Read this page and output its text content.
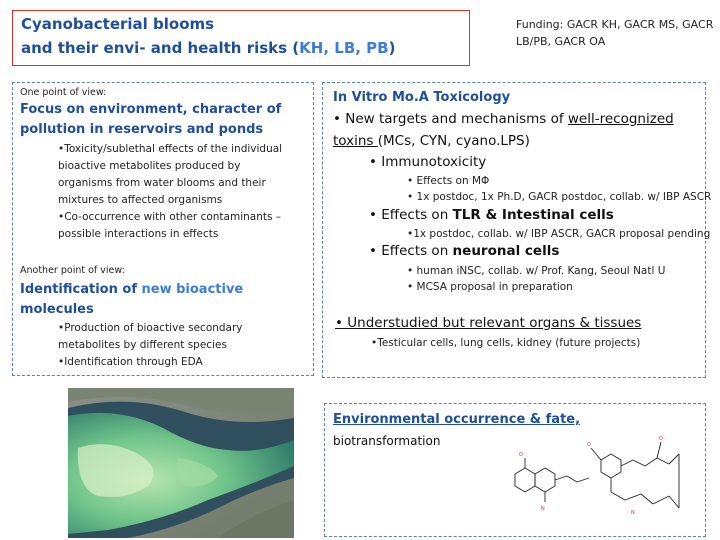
Cyanobacterial blooms
and their envi- and health risks (KH, LB, PB)
Funding: GACR KH, GACR MS, GACR LB/PB, GACR OA
One point of view:
Focus on environment, character of
pollution in reservoirs and ponds
•Toxicity/sublethal effects of the individual
bioactive metabolites produced by
organisms from water blooms and their
mixtures to affected organisms
•Co-occurrence with other contaminants –
possible interactions in effects
Another point of view:
Identification of new bioactive
molecules
•Production of bioactive secondary
metabolites by different species
•Identification through EDA
In Vitro Mo.A Toxicology
• New targets and mechanisms of well-recognized
toxins (MCs, CYN, cyano.LPS)
• Immunotoxicity
• Effects on MΦ
• 1x postdoc, 1x Ph.D, GACR postdoc, collab. w/ IBP ASCR
• Effects on TLR & Intestinal cells
•1x postdoc, collab. w/ IBP ASCR, GACR proposal pending
• Effects on neuronal cells
• human iNSC, collab. w/ Prof. Kang, Seoul Natl U
• MCSA proposal in preparation
• Understudied but relevant organs & tissues
•Testicular cells, lung cells, kidney (future projects)
Environmental occurrence & fate,
biotransformation
O
N
O
O
N
